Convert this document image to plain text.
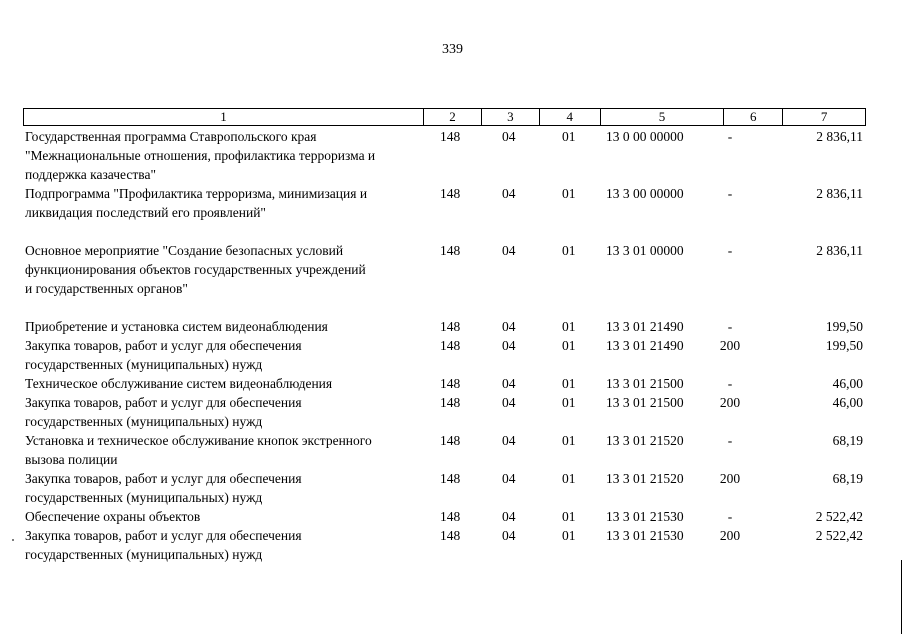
339
1	2	3	4	5	6	7
Государственная программа Ставропольского края
"Межнациональные отношения, профилактика терроризма и
поддержка казачества"
148	04	01	13 0 00 00000	-	2 836,11
Подпрограмма "Профилактика терроризма, минимизация и
ликвидация последствий его проявлений"
148	04	01	13 3 00 00000	-	2 836,11
Основное мероприятие "Создание безопасных условий
функционирования объектов государственных учреждений
и государственных органов"
148	04	01	13 3 01 00000	-	2 836,11
Приобретение и установка систем видеонаблюдения	148	04	01	13 3 01 21490	-	199,50
Закупка товаров, работ и услуг для обеспечения
государственных (муниципальных) нужд
148	04	01	13 3 01 21490	200	199,50
Техническое обслуживание систем видеонаблюдения	148	04	01	13 3 01 21500	-	46,00
Закупка товаров, работ и услуг для обеспечения
государственных (муниципальных) нужд
148	04	01	13 3 01 21500	200	46,00
Установка и техническое обслуживание кнопок экстренного
вызова полиции
148	04	01	13 3 01 21520	-	68,19
Закупка товаров, работ и услуг для обеспечения
государственных (муниципальных) нужд
148	04	01	13 3 01 21520	200	68,19
Обеспечение охраны объектов	148	04	01	13 3 01 21530	-	2 522,42
Закупка товаров, работ и услуг для обеспечения
государственных (муниципальных) нужд
148	04	01	13 3 01 21530	200	2 522,42
